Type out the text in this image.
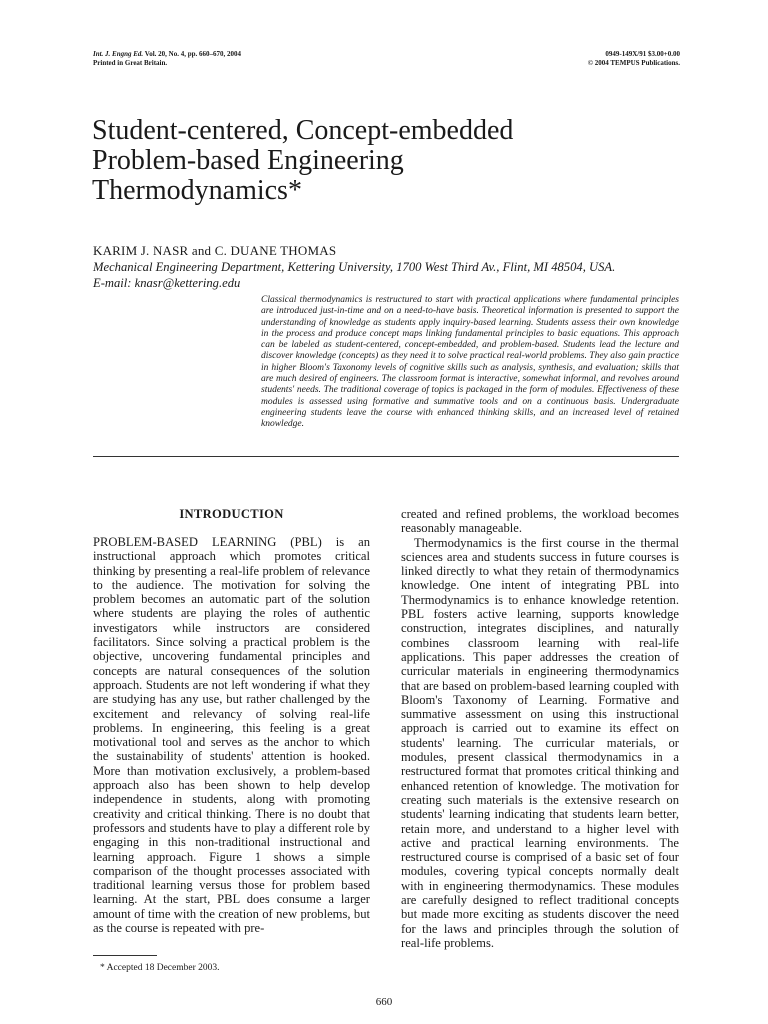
Int. J. Engng Ed. Vol. 20, No. 4, pp. 660–670, 2004
Printed in Great Britain.
0949-149X/91 $3.00+0.00
© 2004 TEMPUS Publications.
Student-centered, Concept-embedded
Problem-based Engineering
Thermodynamics*
KARIM J. NASR and C. DUANE THOMAS
Mechanical Engineering Department, Kettering University, 1700 West Third Av., Flint, MI 48504, USA.
E-mail: knasr@kettering.edu
Classical thermodynamics is restructured to start with practical applications where fundamental principles are introduced just-in-time and on a need-to-have basis. Theoretical information is presented to support the understanding of knowledge as students apply inquiry-based learning. Students assess their own knowledge in the process and produce concept maps linking fundamental principles to basic equations. This approach can be labeled as student-centered, concept-embedded, and problem-based. Students lead the lecture and discover knowledge (concepts) as they need it to solve practical real-world problems. They also gain practice in higher Bloom's Taxonomy levels of cognitive skills such as analysis, synthesis, and evaluation; skills that are much desired of engineers. The classroom format is interactive, somewhat informal, and revolves around students' needs. The traditional coverage of topics is packaged in the form of modules. Effectiveness of these modules is assessed using formative and summative tools and on a continuous basis. Undergraduate engineering students leave the course with enhanced thinking skills, and an increased level of retained knowledge.
INTRODUCTION

PROBLEM-BASED LEARNING (PBL) is an instructional approach which promotes critical thinking by presenting a real-life problem of relevance to the audience. The motivation for solving the problem becomes an automatic part of the solution where students are playing the roles of authentic investigators while instructors are considered facilitators. Since solving a practical problem is the objective, uncovering fundamental principles and concepts are natural consequences of the solution approach. Students are not left wondering if what they are studying has any use, but rather challenged by the excitement and relevancy of solving real-life problems. In engineering, this feeling is a great motivational tool and serves as the anchor to which the sustainability of students' attention is hooked. More than motivation exclusively, a problem-based approach also has been shown to help develop independence in students, along with promoting creativity and critical thinking. There is no doubt that professors and students have to play a different role by engaging in this non-traditional instructional and learning approach. Figure 1 shows a simple comparison of the thought processes associated with traditional learning versus those for problem based learning. At the start, PBL does consume a larger amount of time with the creation of new problems, but as the course is repeated with pre-

created and refined problems, the workload becomes reasonably manageable.

Thermodynamics is the first course in the thermal sciences area and students success in future courses is linked directly to what they retain of thermodynamics knowledge. One intent of integrating PBL into Thermodynamics is to enhance knowledge retention. PBL fosters active learning, supports knowledge construction, integrates disciplines, and naturally combines classroom learning with real-life applications. This paper addresses the creation of curricular materials in engineering thermodynamics that are based on problem-based learning coupled with Bloom's Taxonomy of Learning. Formative and summative assessment on using this instructional approach is carried out to examine its effect on students' learning. The curricular materials, or modules, present classical thermodynamics in a restructured format that promotes critical thinking and enhanced retention of knowledge. The motivation for creating such materials is the extensive research on students' learning indicating that students learn better, retain more, and understand to a higher level with active and practical learning environments. The restructured course is comprised of a basic set of four modules, covering typical concepts normally dealt with in engineering thermodynamics. These modules are carefully designed to reflect traditional concepts but made more exciting as students discover the need for the laws and principles through the solution of real-life problems.

* Accepted 18 December 2003.
660
